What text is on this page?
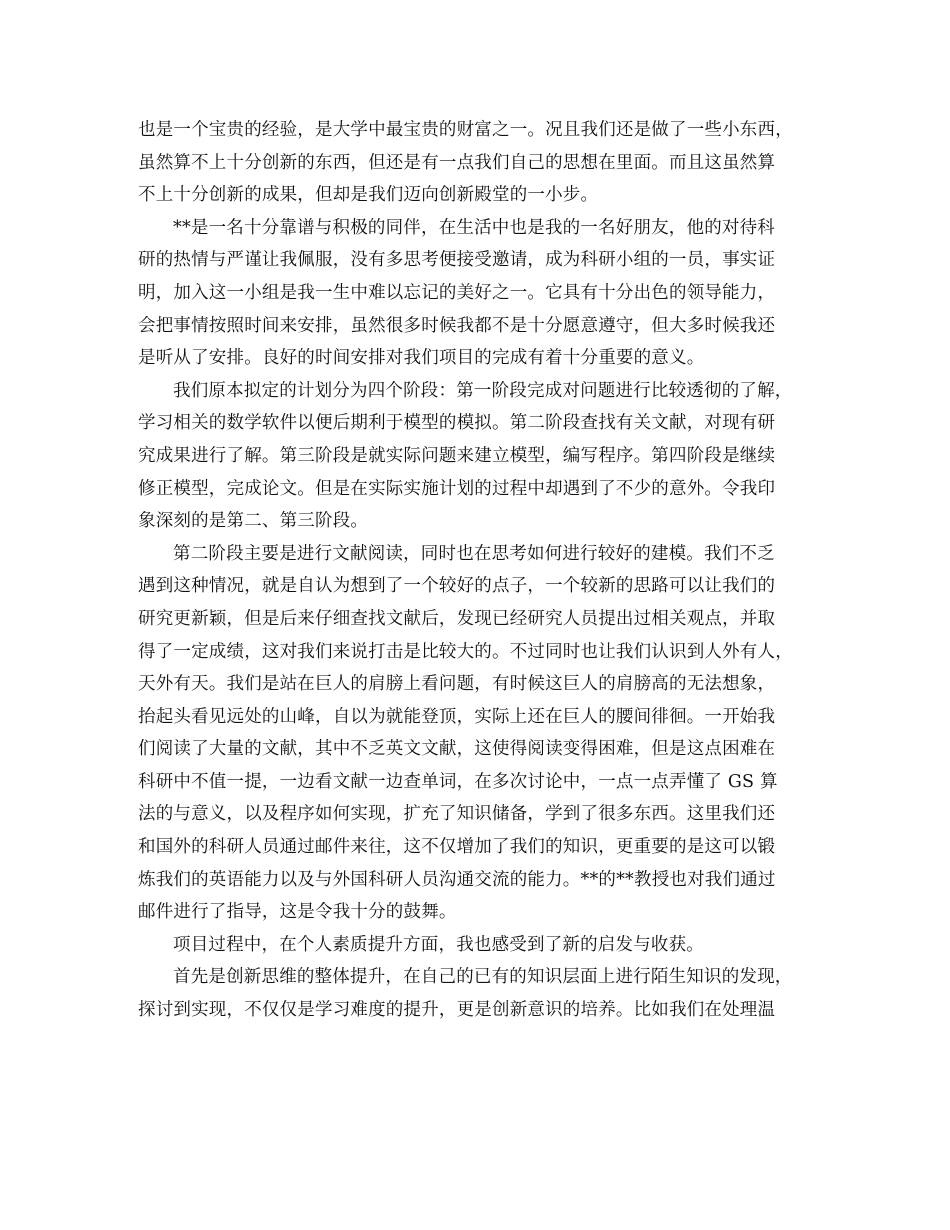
也是一个宝贵的经验，是大学中最宝贵的财富之一。况且我们还是做了一些小东西，
虽然算不上十分创新的东西，但还是有一点我们自己的思想在里面。而且这虽然算
不上十分创新的成果，但却是我们迈向创新殿堂的一小步。
**是一名十分靠谱与积极的同伴，在生活中也是我的一名好朋友，他的对待科
研的热情与严谨让我佩服，没有多思考便接受邀请，成为科研小组的一员，事实证
明，加入这一小组是我一生中难以忘记的美好之一。它具有十分出色的领导能力，
会把事情按照时间来安排，虽然很多时候我都不是十分愿意遵守，但大多时候我还
是听从了安排。良好的时间安排对我们项目的完成有着十分重要的意义。
我们原本拟定的计划分为四个阶段：第一阶段完成对问题进行比较透彻的了解，
学习相关的数学软件以便后期利于模型的模拟。第二阶段查找有关文献，对现有研
究成果进行了解。第三阶段是就实际问题来建立模型，编写程序。第四阶段是继续
修正模型，完成论文。但是在实际实施计划的过程中却遇到了不少的意外。令我印
象深刻的是第二、第三阶段。
第二阶段主要是进行文献阅读，同时也在思考如何进行较好的建模。我们不乏
遇到这种情况，就是自认为想到了一个较好的点子，一个较新的思路可以让我们的
研究更新颖，但是后来仔细查找文献后，发现已经研究人员提出过相关观点，并取
得了一定成绩，这对我们来说打击是比较大的。不过同时也让我们认识到人外有人，
天外有天。我们是站在巨人的肩膀上看问题，有时候这巨人的肩膀高的无法想象，
抬起头看见远处的山峰，自以为就能登顶，实际上还在巨人的腰间徘徊。一开始我
们阅读了大量的文献，其中不乏英文文献，这使得阅读变得困难，但是这点困难在
科研中不值一提，一边看文献一边查单词，在多次讨论中，一点一点弄懂了 GS 算
法的与意义，以及程序如何实现，扩充了知识储备，学到了很多东西。这里我们还
和国外的科研人员通过邮件来往，这不仅增加了我们的知识，更重要的是这可以锻
炼我们的英语能力以及与外国科研人员沟通交流的能力。**的**教授也对我们通过
邮件进行了指导，这是令我十分的鼓舞。
项目过程中，在个人素质提升方面，我也感受到了新的启发与收获。
首先是创新思维的整体提升，在自己的已有的知识层面上进行陌生知识的发现，
探讨到实现，不仅仅是学习难度的提升，更是创新意识的培养。比如我们在处理温
